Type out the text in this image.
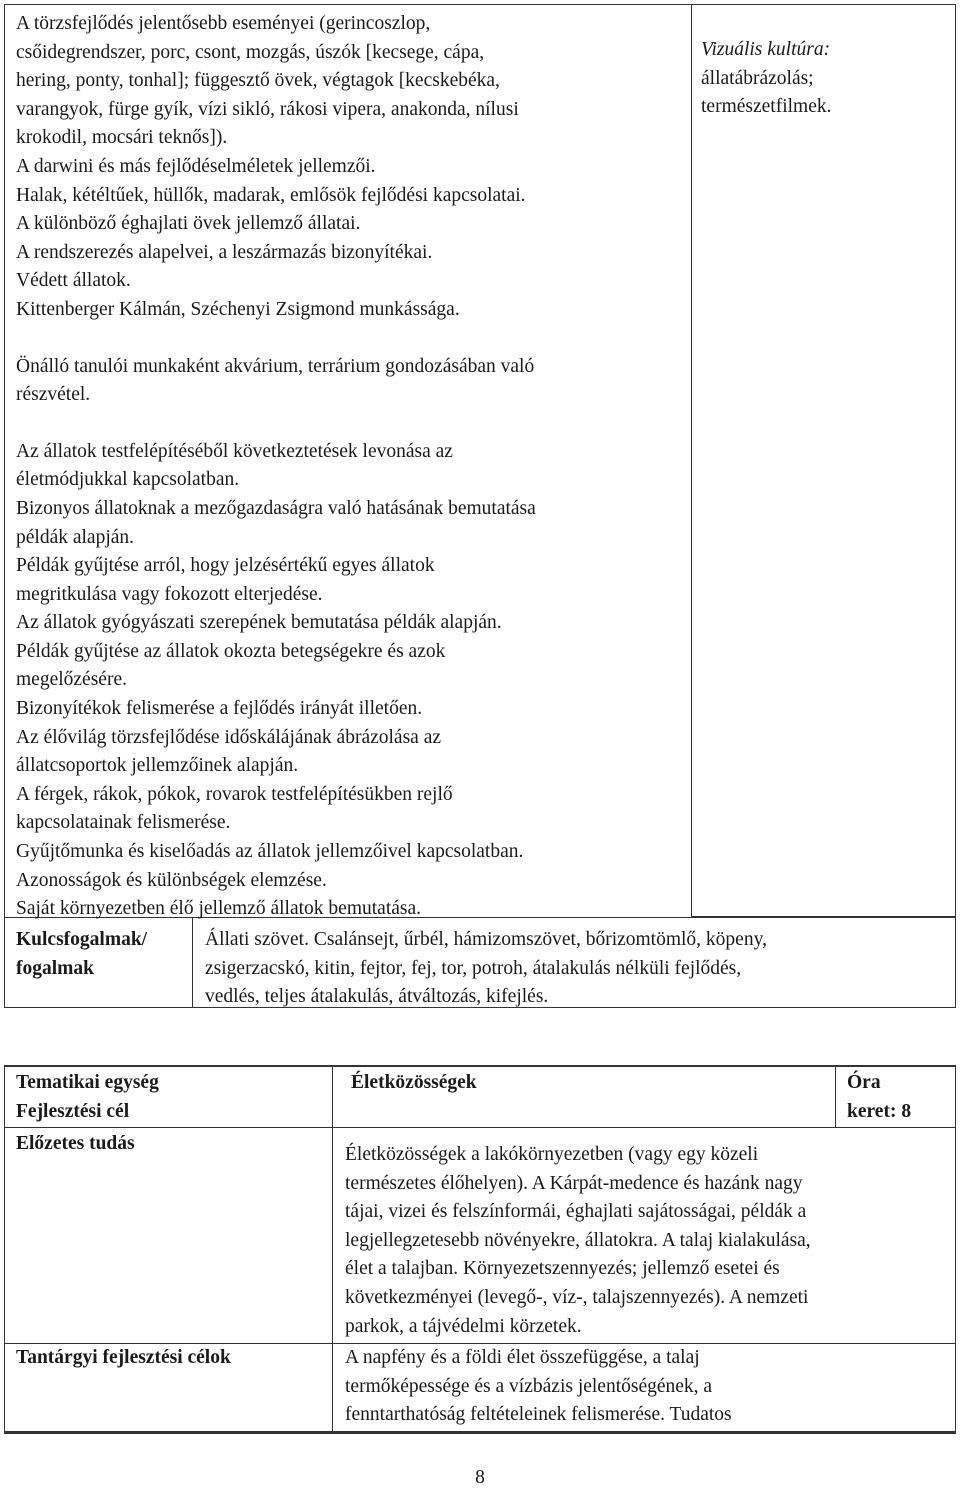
A törzsfejlődés jelentősebb eseményei (gerincoszlop,
csőidegrendszer, porc, csont, mozgás, úszók [kecsege, cápa,
hering, ponty, tonhal]; függesztő övek, végtagok [kecskebéka,
varangyok, fürge gyík, vízi sikló, rákosi vipera, anakonda, nílusi
krokodil, mocsári teknős]).
A darwini és más fejlődéselméletek jellemzői.
Halak, kétéltűek, hüllők, madarak, emlősök fejlődési kapcsolatai.
A különböző éghajlati övek jellemző állatai.
A rendszerezés alapelvei, a leszármazás bizonyítékai.
Védett állatok.
Kittenberger Kálmán, Széchenyi Zsigmond munkássága.
Önálló tanulói munkaként akvárium, terrárium gondozásában való
részvétel.
Az állatok testfelépítéséből következtetések levonása az
életmódjukkal kapcsolatban.
Bizonyos állatoknak a mezőgazdaságra való hatásának bemutatása
példák alapján.
Példák gyűjtése arról, hogy jelzésértékű egyes állatok
megritkulása vagy fokozott elterjedése.
Az állatok gyógyászati szerepének bemutatása példák alapján.
Példák gyűjtése az állatok okozta betegségekre és azok
megelőzésére.
Bizonyítékok felismerése a fejlődés irányát illetően.
Az élővilág törzsfejlődése időskálájának ábrázolása az
állatcsoportok jellemzőinek alapján.
A férgek, rákok, pókok, rovarok testfelépítésükben rejlő
kapcsolatainak felismerése.
Gyűjtőmunka és kiselőadás az állatok jellemzőivel kapcsolatban.
Azonosságok és különbségek elemzése.
Saját környezetben élő jellemző állatok bemutatása.
Vizuális kultúra:
állatábrázolás;
természetfilmek.
Kulcsfogalmak/
fogalmak
Állati szövet. Csalánsejt, űrbél, hámizomszövet, bőrizomtömlő, köpeny,
zsigerzacskó, kitin, fejtor, fej, tor, potroh, átalakulás nélküli fejlődés,
vedlés, teljes átalakulás, átváltozás, kifejlés.
Tematikai egység
Fejlesztési cél
Életközösségek	Óra
keret: 8
Előzetes tudás
Életközösségek a lakókörnyezetben (vagy egy közeli
természetes élőhelyen). A Kárpát-medence és hazánk nagy
tájai, vizei és felszínformái, éghajlati sajátosságai, példák a
legjellegzetesebb növényekre, állatokra. A talaj kialakulása,
élet a talajban. Környezetszennyezés; jellemző esetei és
következményei (levegő-, víz-, talajszennyezés). A nemzeti
parkok, a tájvédelmi körzetek.
Tantárgyi fejlesztési célok	A napfény és a földi élet összefüggése, a talaj
termőképessége és a vízbázis jelentőségének, a
fenntarthatóság feltételeinek felismerése. Tudatos
8
